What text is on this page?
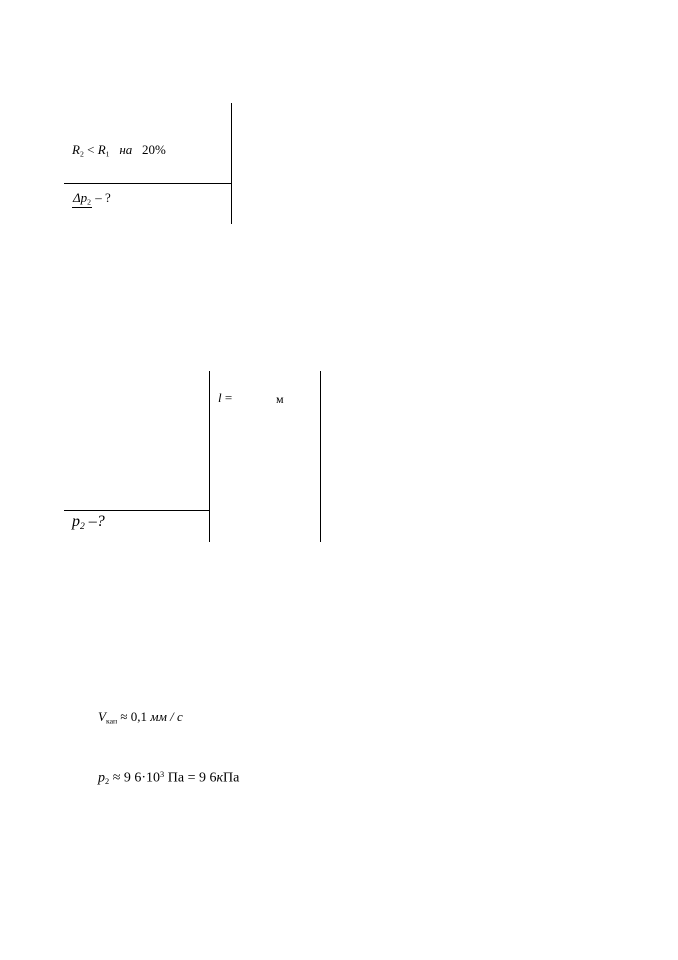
$R_2 < R_1$ на 20%
$\Delta p_2$ – ?
l =	м
$p_2$ –?
$V_{кап} \approx 0,1$ мм / с
$p_2 \approx 9$ $6\cdot 10^3$ Па = 9 6кПа
